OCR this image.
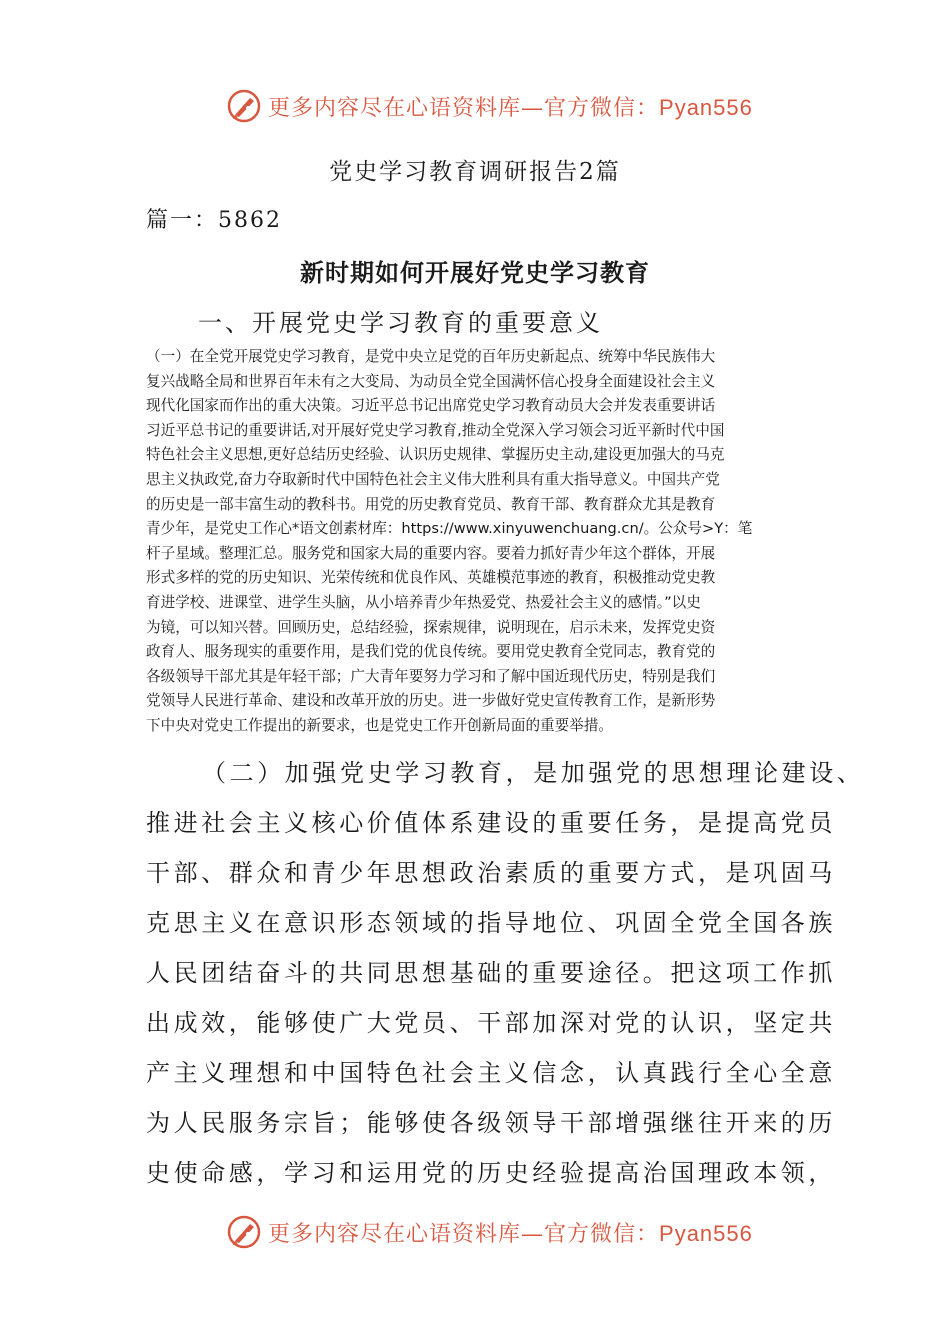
更多内容尽在心语资料库—官方微信：Pyan556
党史学习教育调研报告2篇
篇一：5862
新时期如何开展好党史学习教育
一、开展党史学习教育的重要意义

（一）在全党开展党史学习教育，是党中央立足党的百年历史新起点、统筹中华民族伟大
复兴战略全局和世界百年未有之大变局、为动员全党全国满怀信心投身全面建设社会主义
现代化国家而作出的重大决策。习近平总书记出席党史学习教育动员大会并发表重要讲话
习近平总书记的重要讲话,对开展好党史学习教育,推动全党深入学习领会习近平新时代中国
特色社会主义思想,更好总结历史经验、认识历史规律、掌握历史主动,建设更加强大的马克
思主义执政党,奋力夺取新时代中国特色社会主义伟大胜利具有重大指导意义。中国共产党
的历史是一部丰富生动的教科书。用党的历史教育党员、教育干部、教育群众尤其是教育
青少年，是党史工作心*语文创素材库：https://www.xinyuwenchuang.cn/。公众号>Y：笔
杆子星域。整理汇总。服务党和国家大局的重要内容。要着力抓好青少年这个群体，开展
形式多样的党的历史知识、光荣传统和优良作风、英雄模范事迹的教育，积极推动党史教
育进学校、进课堂、进学生头脑，从小培养青少年热爱党、热爱社会主义的感情。”以史
为镜，可以知兴替。回顾历史，总结经验，探索规律，说明现在，启示未来，发挥党史资
政育人、服务现实的重要作用，是我们党的优良传统。要用党史教育全党同志，教育党的
各级领导干部尤其是年轻干部；广大青年要努力学习和了解中国近现代历史，特别是我们
党领导人民进行革命、建设和改革开放的历史。进一步做好党史宣传教育工作，是新形势
下中央对党史工作提出的新要求，也是党史工作开创新局面的重要举措。

（二）加强党史学习教育，是加强党的思想理论建设、
推进社会主义核心价值体系建设的重要任务，是提高党员
干部、群众和青少年思想政治素质的重要方式，是巩固马
克思主义在意识形态领域的指导地位、巩固全党全国各族
人民团结奋斗的共同思想基础的重要途径。把这项工作抓
出成效，能够使广大党员、干部加深对党的认识，坚定共
产主义理想和中国特色社会主义信念，认真践行全心全意
为人民服务宗旨；能够使各级领导干部增强继往开来的历
史使命感，学习和运用党的历史经验提高治国理政本领，

更多内容尽在心语资料库—官方微信：Pyan556
